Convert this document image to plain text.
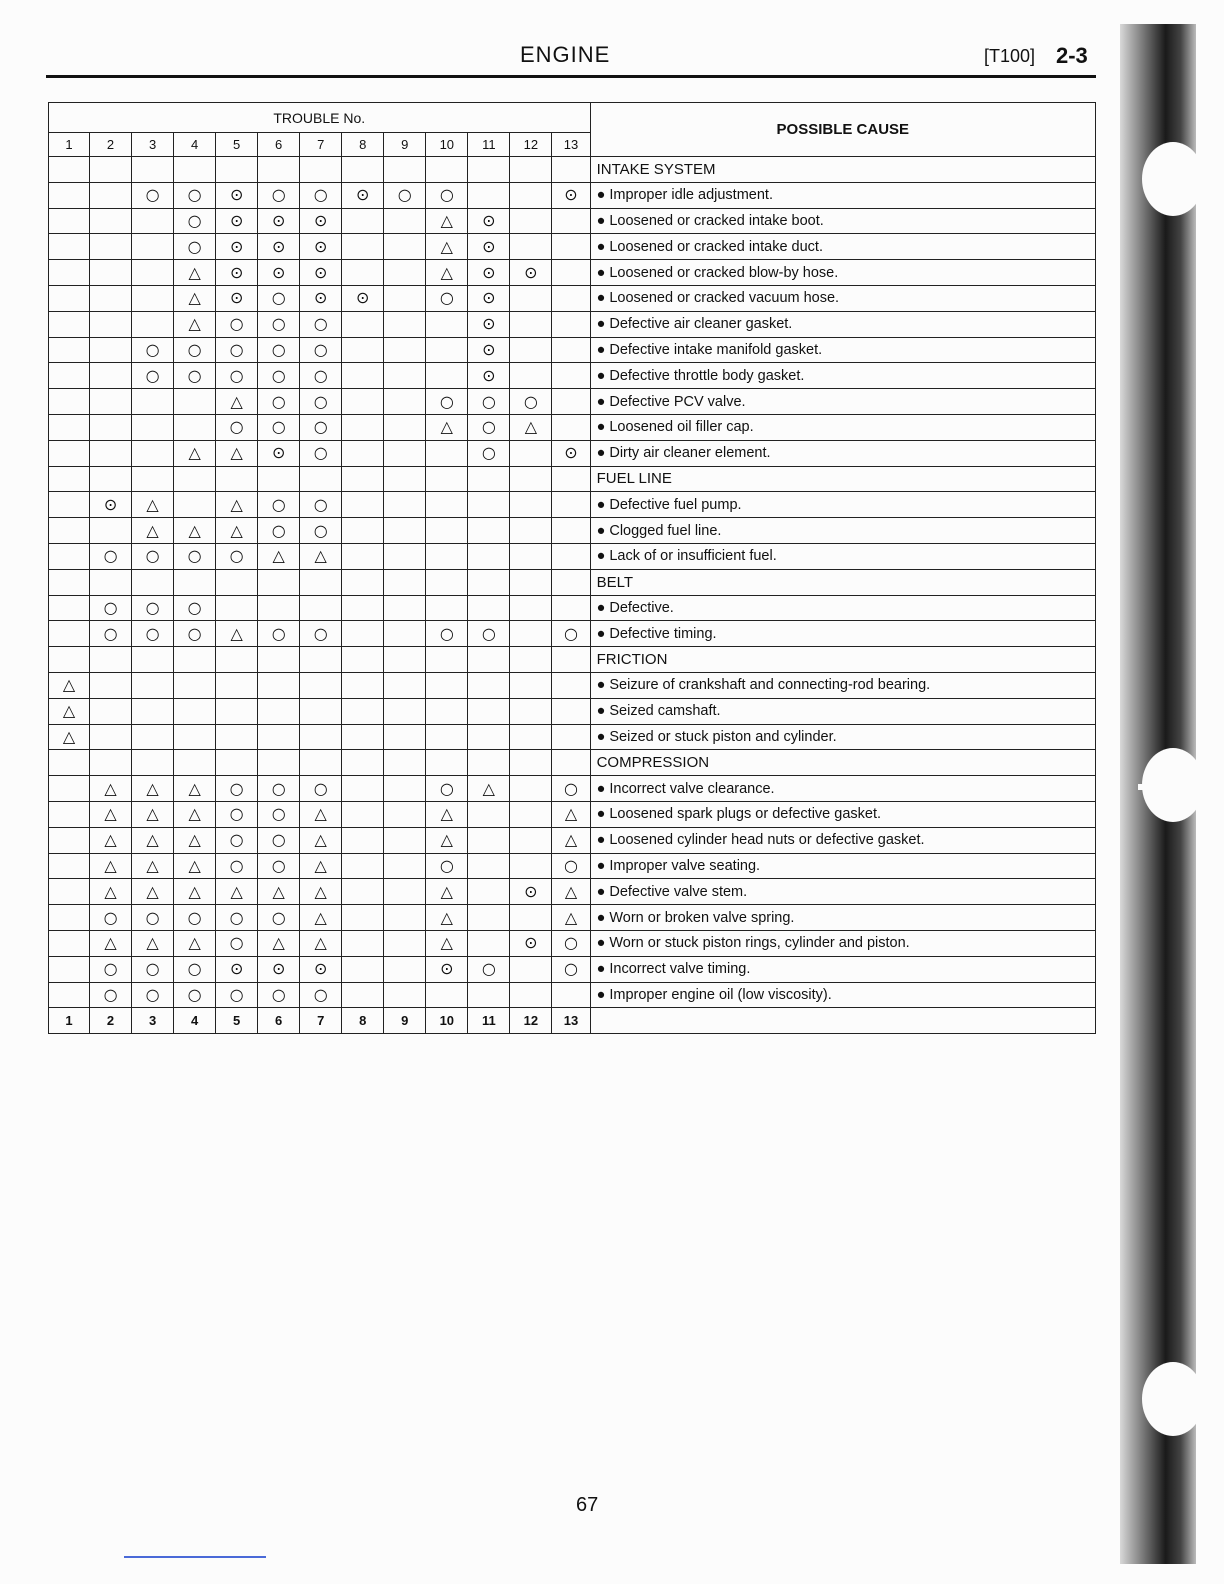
ENGINE	[T100] 2-3
TROUBLE No.													POSSIBLE CAUSE
1	2	3	4	5	6	7	8	9	10	11	12	13	
													INTAKE SYSTEM
		○	○	⊙	○	○	⊙	○	○			⊙	● Improper idle adjustment.
			○	⊙	⊙	⊙			△	⊙			● Loosened or cracked intake boot.
			○	⊙	⊙	⊙			△	⊙			● Loosened or cracked intake duct.
			△	⊙	⊙	⊙			△	⊙	⊙		● Loosened or cracked blow-by hose.
			△	⊙	○	⊙	⊙		○	⊙			● Loosened or cracked vacuum hose.
			△	○	○	○				⊙			● Defective air cleaner gasket.
		○	○	○	○	○				⊙			● Defective intake manifold gasket.
		○	○	○	○	○				⊙			● Defective throttle body gasket.
				△	○	○			○	○	○		● Defective PCV valve.
				○	○	○			△	○	△		● Loosened oil filler cap.
			△	△	⊙	○				○		⊙	● Dirty air cleaner element.
													FUEL LINE
	⊙	△		△	○	○							● Defective fuel pump.
		△	△	△	○	○							● Clogged fuel line.
	○	○	○	○	△	△							● Lack of or insufficient fuel.
													BELT
	○	○	○										● Defective.
	○	○	○	△	○	○			○	○		○	● Defective timing.
													FRICTION
△													● Seizure of crankshaft and connecting-rod bearing.
△													● Seized camshaft.
△													● Seized or stuck piston and cylinder.
													COMPRESSION
	△	△	△	○	○	○			○	△		○	● Incorrect valve clearance.
	△	△	△	○	○	△			△			△	● Loosened spark plugs or defective gasket.
	△	△	△	○	○	△			△			△	● Loosened cylinder head nuts or defective gasket.
	△	△	△	○	○	△			○			○	● Improper valve seating.
	△	△	△	△	△	△			△		⊙	△	● Defective valve stem.
	○	○	○	○	○	△			△			△	● Worn or broken valve spring.
	△	△	△	○	△	△			△		⊙	○	● Worn or stuck piston rings, cylinder and piston.
	○	○	○	⊙	⊙	⊙			⊙	○		○	● Incorrect valve timing.
	○	○	○	○	○	○							● Improper engine oil (low viscosity).
1	2	3	4	5	6	7	8	9	10	11	12	13	
67
